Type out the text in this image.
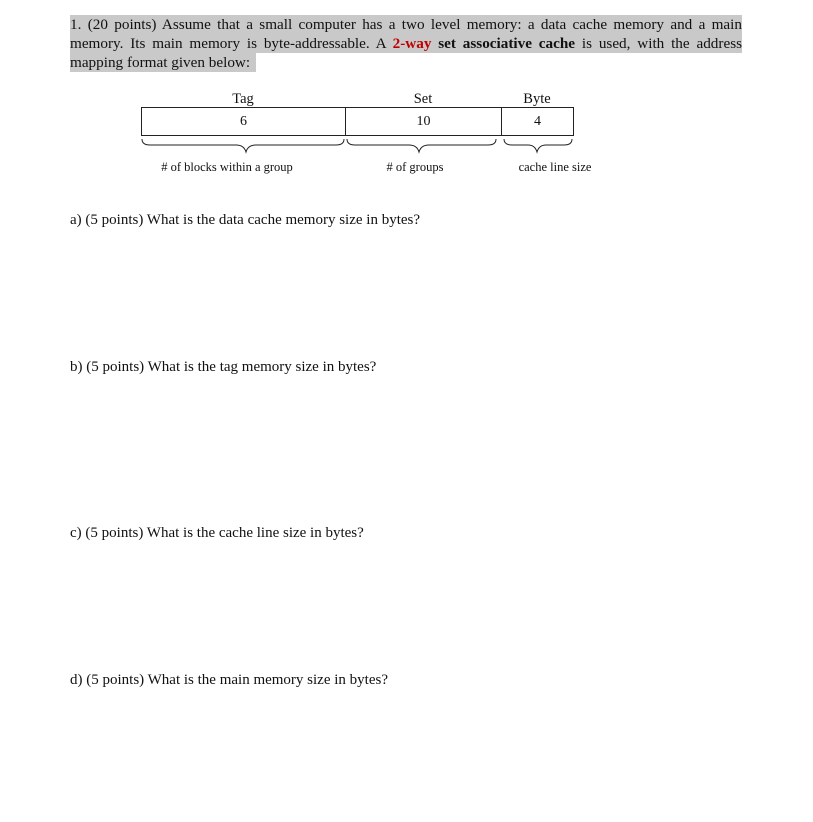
1. (20 points) Assume that a small computer has a two level memory: a data cache memory and a main
memory. Its main memory is byte-addressable. A 2-way set associative cache is used, with the address
mapping format given below:
Tag	Set	Byte
6	10	4
# of blocks within a group	# of groups	cache line size
a) (5 points) What is the data cache memory size in bytes?
b) (5 points) What is the tag memory size in bytes?
c) (5 points) What is the cache line size in bytes?
d) (5 points) What is the main memory size in bytes?
